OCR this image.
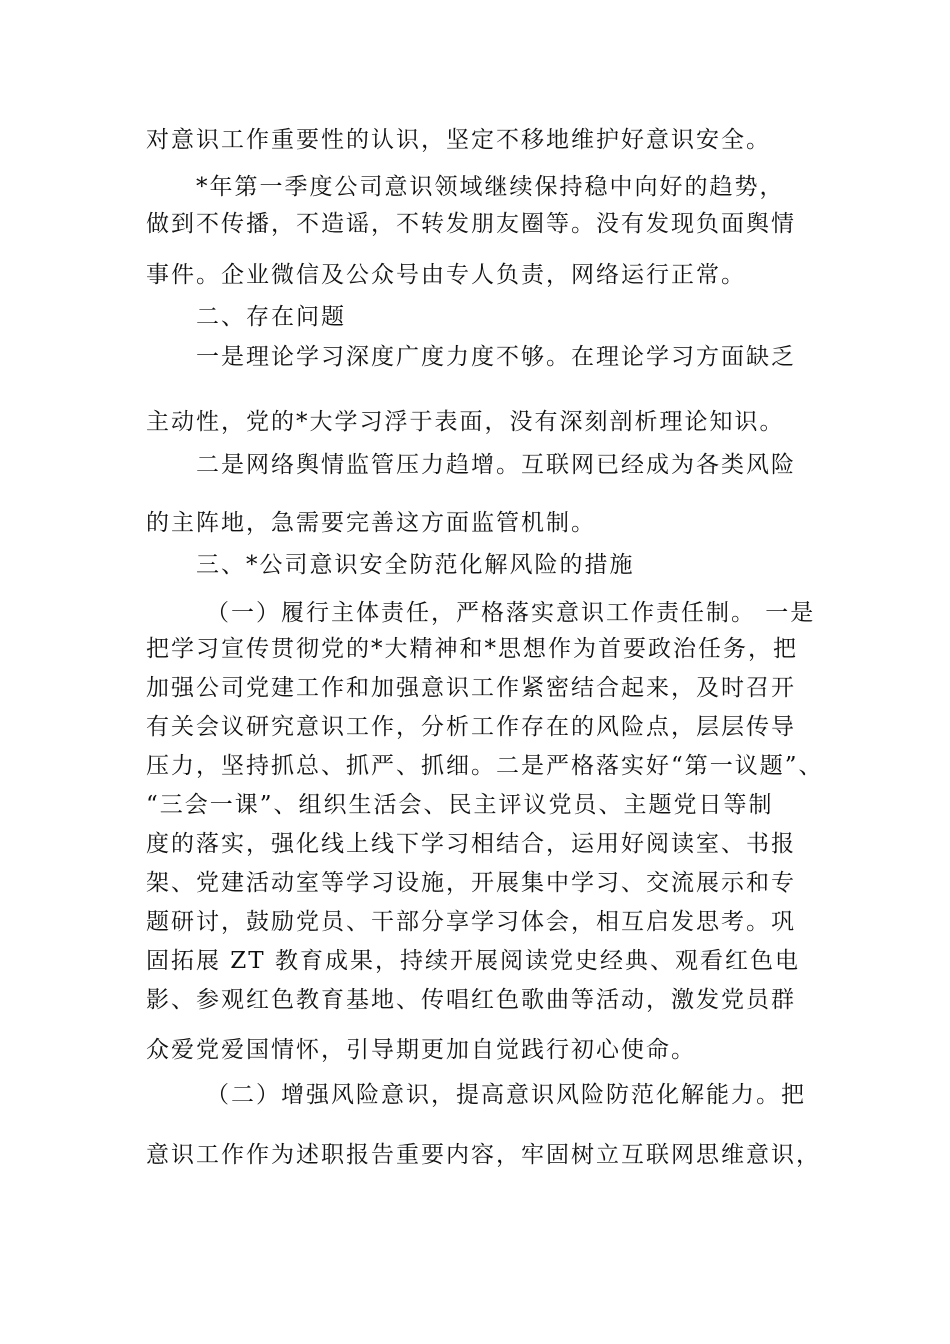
对意识工作重要性的认识，坚定不移地维护好意识安全。
*年第一季度公司意识领域继续保持稳中向好的趋势，
做到不传播，不造谣，不转发朋友圈等。没有发现负面舆情
事件。企业微信及公众号由专人负责，网络运行正常。
二、存在问题
一是理论学习深度广度力度不够。在理论学习方面缺乏
主动性，党的*大学习浮于表面，没有深刻剖析理论知识。
二是网络舆情监管压力趋增。互联网已经成为各类风险
的主阵地，急需要完善这方面监管机制。
三、*公司意识安全防范化解风险的措施
（一）履行主体责任，严格落实意识工作责任制。 一是
把学习宣传贯彻党的*大精神和*思想作为首要政治任务，把
加强公司党建工作和加强意识工作紧密结合起来，及时召开
有关会议研究意识工作，分析工作存在的风险点，层层传导
压力，坚持抓总、抓严、抓细。二是严格落实好“第一议题”、
“三会一课”、组织生活会、民主评议党员、主题党日等制
度的落实，强化线上线下学习相结合，运用好阅读室、书报
架、党建活动室等学习设施，开展集中学习、交流展示和专
题研讨，鼓励党员、干部分享学习体会，相互启发思考。巩
固拓展 ZT 教育成果，持续开展阅读党史经典、观看红色电
影、参观红色教育基地、传唱红色歌曲等活动，激发党员群
众爱党爱国情怀，引导期更加自觉践行初心使命。
（二）增强风险意识，提高意识风险防范化解能力。把
意识工作作为述职报告重要内容，牢固树立互联网思维意识，
